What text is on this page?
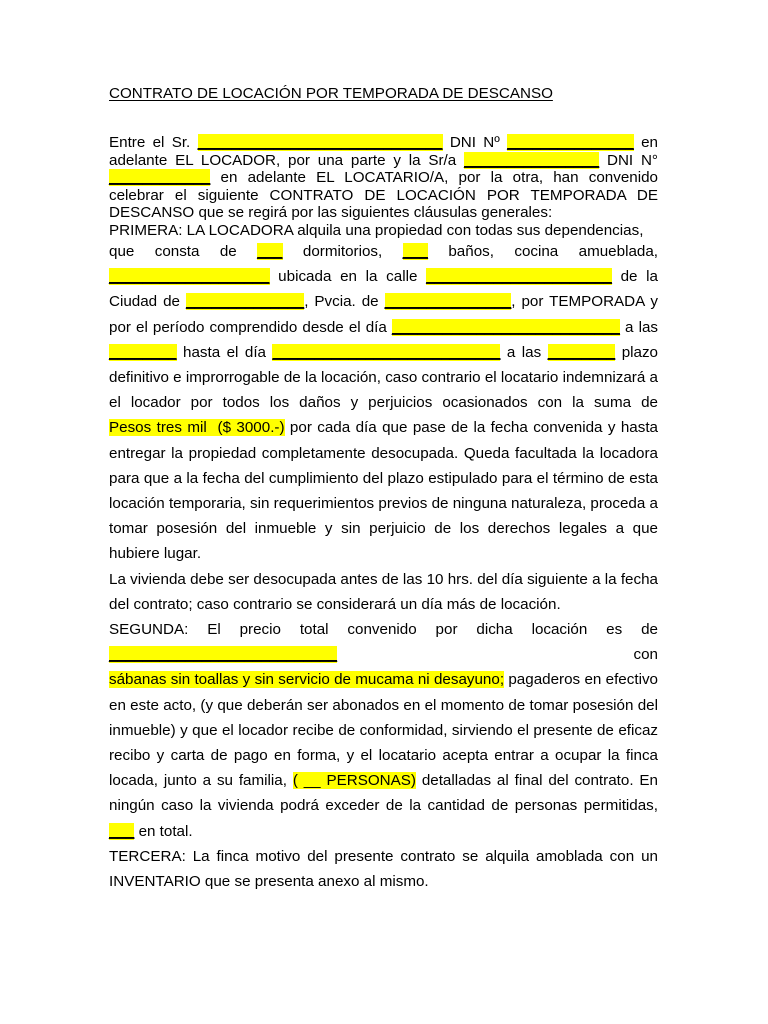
CONTRATO DE LOCACIÓN POR TEMPORADA DE DESCANSO

Entre el Sr. _____________________________ DNI Nº _______________ en adelante EL LOCADOR, por una parte y la Sr/a ________________ DNI N° ____________ en adelante EL LOCATARIO/A, por la otra, han convenido celebrar el siguiente CONTRATO DE LOCACIÓN POR TEMPORADA DE DESCANSO que se regirá por las siguientes cláusulas generales:

PRIMERA: LA LOCADORA alquila una propiedad con todas sus dependencias,

que consta de ___ dormitorios, ___ baños, cocina amueblada, ___________________ ubicada en la calle ______________________ de la Ciudad de ______________, Pvcia. de _______________, por TEMPORADA y por el período comprendido desde el día ___________________________ a las ________ hasta el día ___________________________ a las ________ plazo definitivo e improrrogable de la locación, caso contrario el locatario indemnizará a el locador por todos los daños y perjuicios ocasionados con la suma de Pesos tres mil  ($ 3000.-) por cada día que pase de la fecha convenida y hasta entregar la propiedad completamente desocupada. Queda facultada la locadora para que a la fecha del cumplimiento del plazo estipulado para el término de esta locación temporaria, sin requerimientos previos de ninguna naturaleza, proceda a tomar posesión del inmueble y sin perjuicio de los derechos legales a que hubiere lugar.

La vivienda debe ser desocupada antes de las 10 hrs. del día siguiente a la fecha del contrato; caso contrario se considerará un día más de locación.

SEGUNDA: El precio total convenido por dicha locación es de ___________________________ con sábanas sin toallas y sin servicio de mucama ni desayuno; pagaderos en efectivo en este acto, (y que deberán ser abonados en el momento de tomar posesión del inmueble) y que el locador recibe de conformidad, sirviendo el presente de eficaz recibo y carta de pago en forma, y el locatario acepta entrar a ocupar la finca locada, junto a su familia, ( __ PERSONAS) detalladas al final del contrato. En ningún caso la vivienda podrá exceder de la cantidad de personas permitidas, ___ en total.

TERCERA: La finca motivo del presente contrato se alquila amoblada con un INVENTARIO que se presenta anexo al mismo.
